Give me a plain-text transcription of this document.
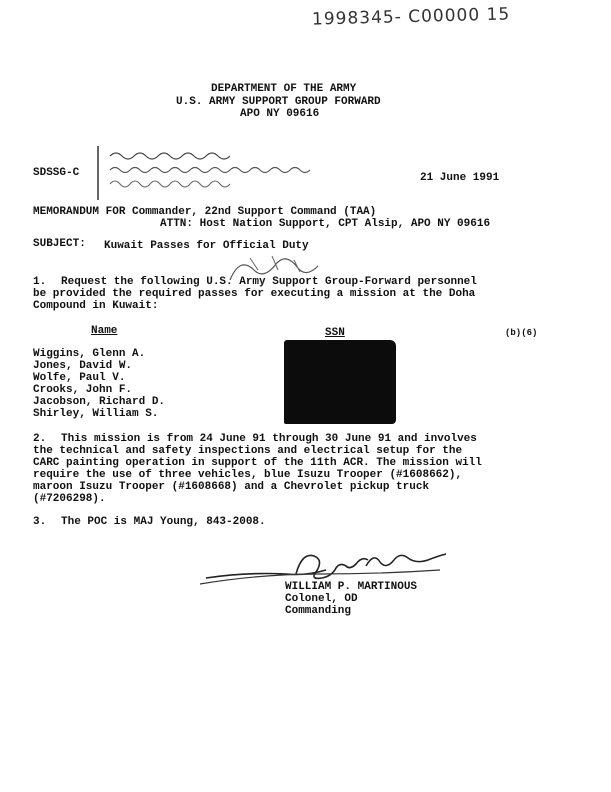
1998345- C00000 15
DEPARTMENT OF THE ARMY
U.S. ARMY SUPPORT GROUP FORWARD
APO NY 09616
SDSSG-C	21 June 1991
MEMORANDUM FOR Commander, 22nd Support Command (TAA)
ATTN: Host Nation Support, CPT Alsip, APO NY 09616
SUBJECT: Kuwait Passes for Official Duty
1. Request the following U.S. Army Support Group-Forward personnel
be provided the required passes for executing a mission at the Doha
Compound in Kuwait:
Name	SSN	(b)(6)
Wiggins, Glenn A.
Jones, David W.
Wolfe, Paul V.
Crooks, John F.
Jacobson, Richard D.
Shirley, William S.
2. This mission is from 24 June 91 through 30 June 91 and involves
the technical and safety inspections and electrical setup for the
CARC painting operation in support of the 11th ACR. The mission will
require the use of three vehicles, blue Isuzu Trooper (#1608662),
maroon Isuzu Trooper (#1608668) and a Chevrolet pickup truck
(#7206298).
3. The POC is MAJ Young, 843-2008.
WILLIAM P. MARTINOUS
Colonel, OD
Commanding
